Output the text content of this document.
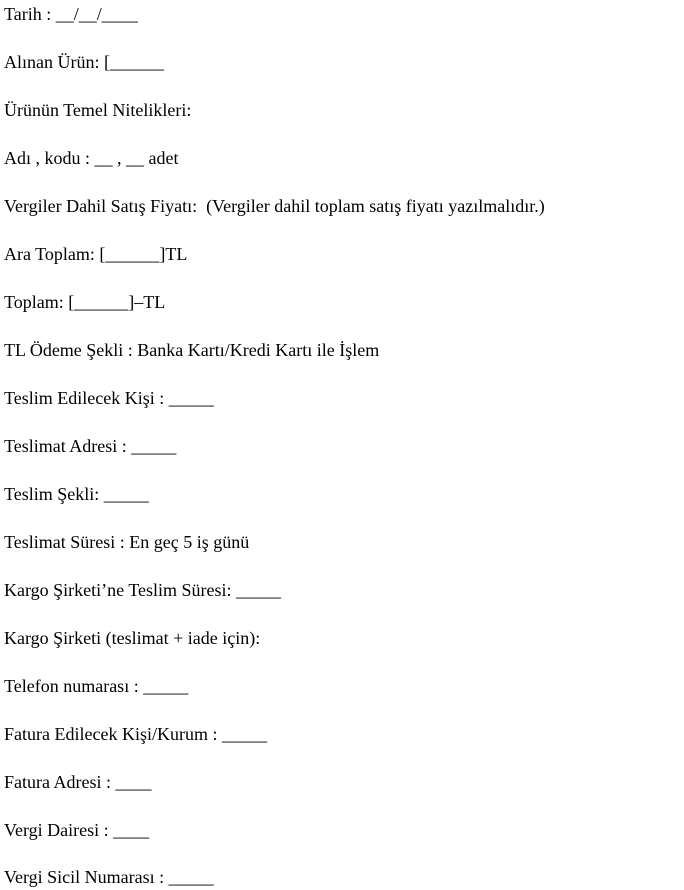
Tarih : __/__/____
Alınan Ürün: [______
Ürünün Temel Nitelikleri:
Adı , kodu : __ , __ adet
Vergiler Dahil Satış Fiyatı:  (Vergiler dahil toplam satış fiyatı yazılmalıdır.)
Ara Toplam: [______]TL
Toplam: [______]–TL
TL Ödeme Şekli : Banka Kartı/Kredi Kartı ile İşlem
Teslim Edilecek Kişi : _____
Teslimat Adresi : _____
Teslim Şekli: _____
Teslimat Süresi : En geç 5 iş günü
Kargo Şirketi’ne Teslim Süresi: _____
Kargo Şirketi (teslimat + iade için):
Telefon numarası : _____
Fatura Edilecek Kişi/Kurum : _____
Fatura Adresi : ____
Vergi Dairesi : ____
Vergi Sicil Numarası : _____
